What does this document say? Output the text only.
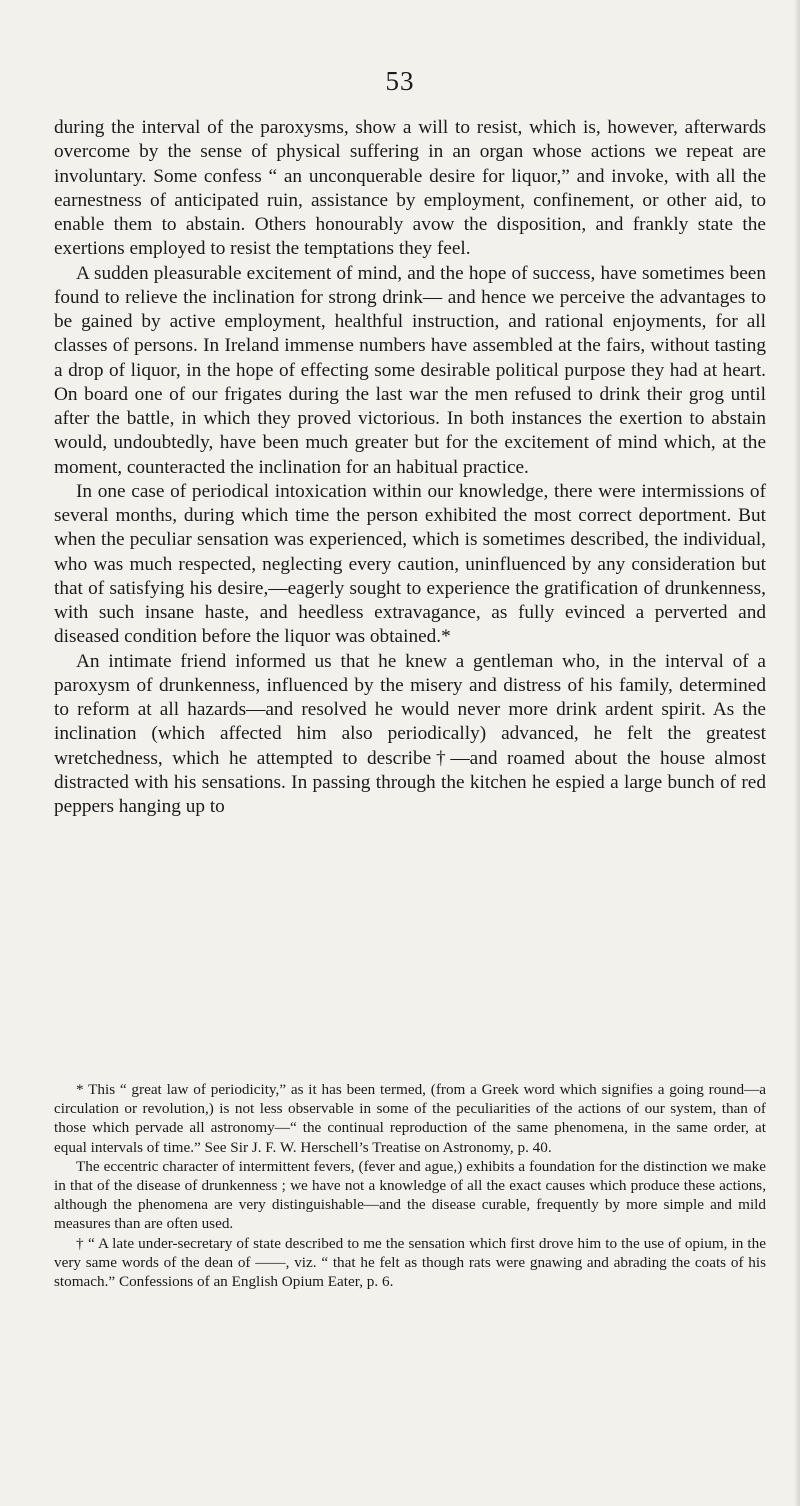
53

during the interval of the paroxysms, show a will to resist, which is, however, afterwards overcome by the sense of physical suffering in an organ whose actions we repeat are involuntary. Some confess “ an unconquerable desire for liquor,” and invoke, with all the earnestness of anticipated ruin, assistance by employment, confinement, or other aid, to enable them to abstain. Others honourably avow the disposition, and frankly state the exertions employed to resist the temptations they feel.

A sudden pleasurable excitement of mind, and the hope of success, have sometimes been found to relieve the inclination for strong drink— and hence we perceive the advantages to be gained by active employment, healthful instruction, and rational enjoyments, for all classes of persons. In Ireland immense numbers have assembled at the fairs, without tasting a drop of liquor, in the hope of effecting some desirable political purpose they had at heart. On board one of our frigates during the last war the men refused to drink their grog until after the battle, in which they proved victorious. In both instances the exertion to abstain would, undoubtedly, have been much greater but for the excitement of mind which, at the moment, counteracted the inclination for an habitual practice.

In one case of periodical intoxication within our knowledge, there were intermissions of several months, during which time the person exhibited the most correct deportment. But when the peculiar sensation was experienced, which is sometimes described, the individual, who was much respected, neglecting every caution, uninfluenced by any consideration but that of satisfying his desire,—eagerly sought to experience the gratification of drunkenness, with such insane haste, and heedless extravagance, as fully evinced a perverted and diseased condition before the liquor was obtained.*

An intimate friend informed us that he knew a gentleman who, in the interval of a paroxysm of drunkenness, influenced by the misery and distress of his family, determined to reform at all hazards—and resolved he would never more drink ardent spirit. As the inclination (which affected him also periodically) advanced, he felt the greatest wretchedness, which he attempted to describe†—and roamed about the house almost distracted with his sensations. In passing through the kitchen he espied a large bunch of red peppers hanging up to

* This “ great law of periodicity,” as it has been termed, (from a Greek word which signifies a going round—a circulation or revolution,) is not less observable in some of the peculiarities of the actions of our system, than of those which pervade all astronomy—“ the continual reproduction of the same phenomena, in the same order, at equal intervals of time.” See Sir J. F. W. Herschell’s Treatise on Astronomy, p. 40.

The eccentric character of intermittent fevers, (fever and ague,) exhibits a foundation for the distinction we make in that of the disease of drunkenness ; we have not a knowledge of all the exact causes which produce these actions, although the phenomena are very distinguishable—and the disease curable, frequently by more simple and mild measures than are often used.

† “ A late under-secretary of state described to me the sensation which first drove him to the use of opium, in the very same words of the dean of ——, viz. “ that he felt as though rats were gnawing and abrading the coats of his stomach.” Confessions of an English Opium Eater, p. 6.
